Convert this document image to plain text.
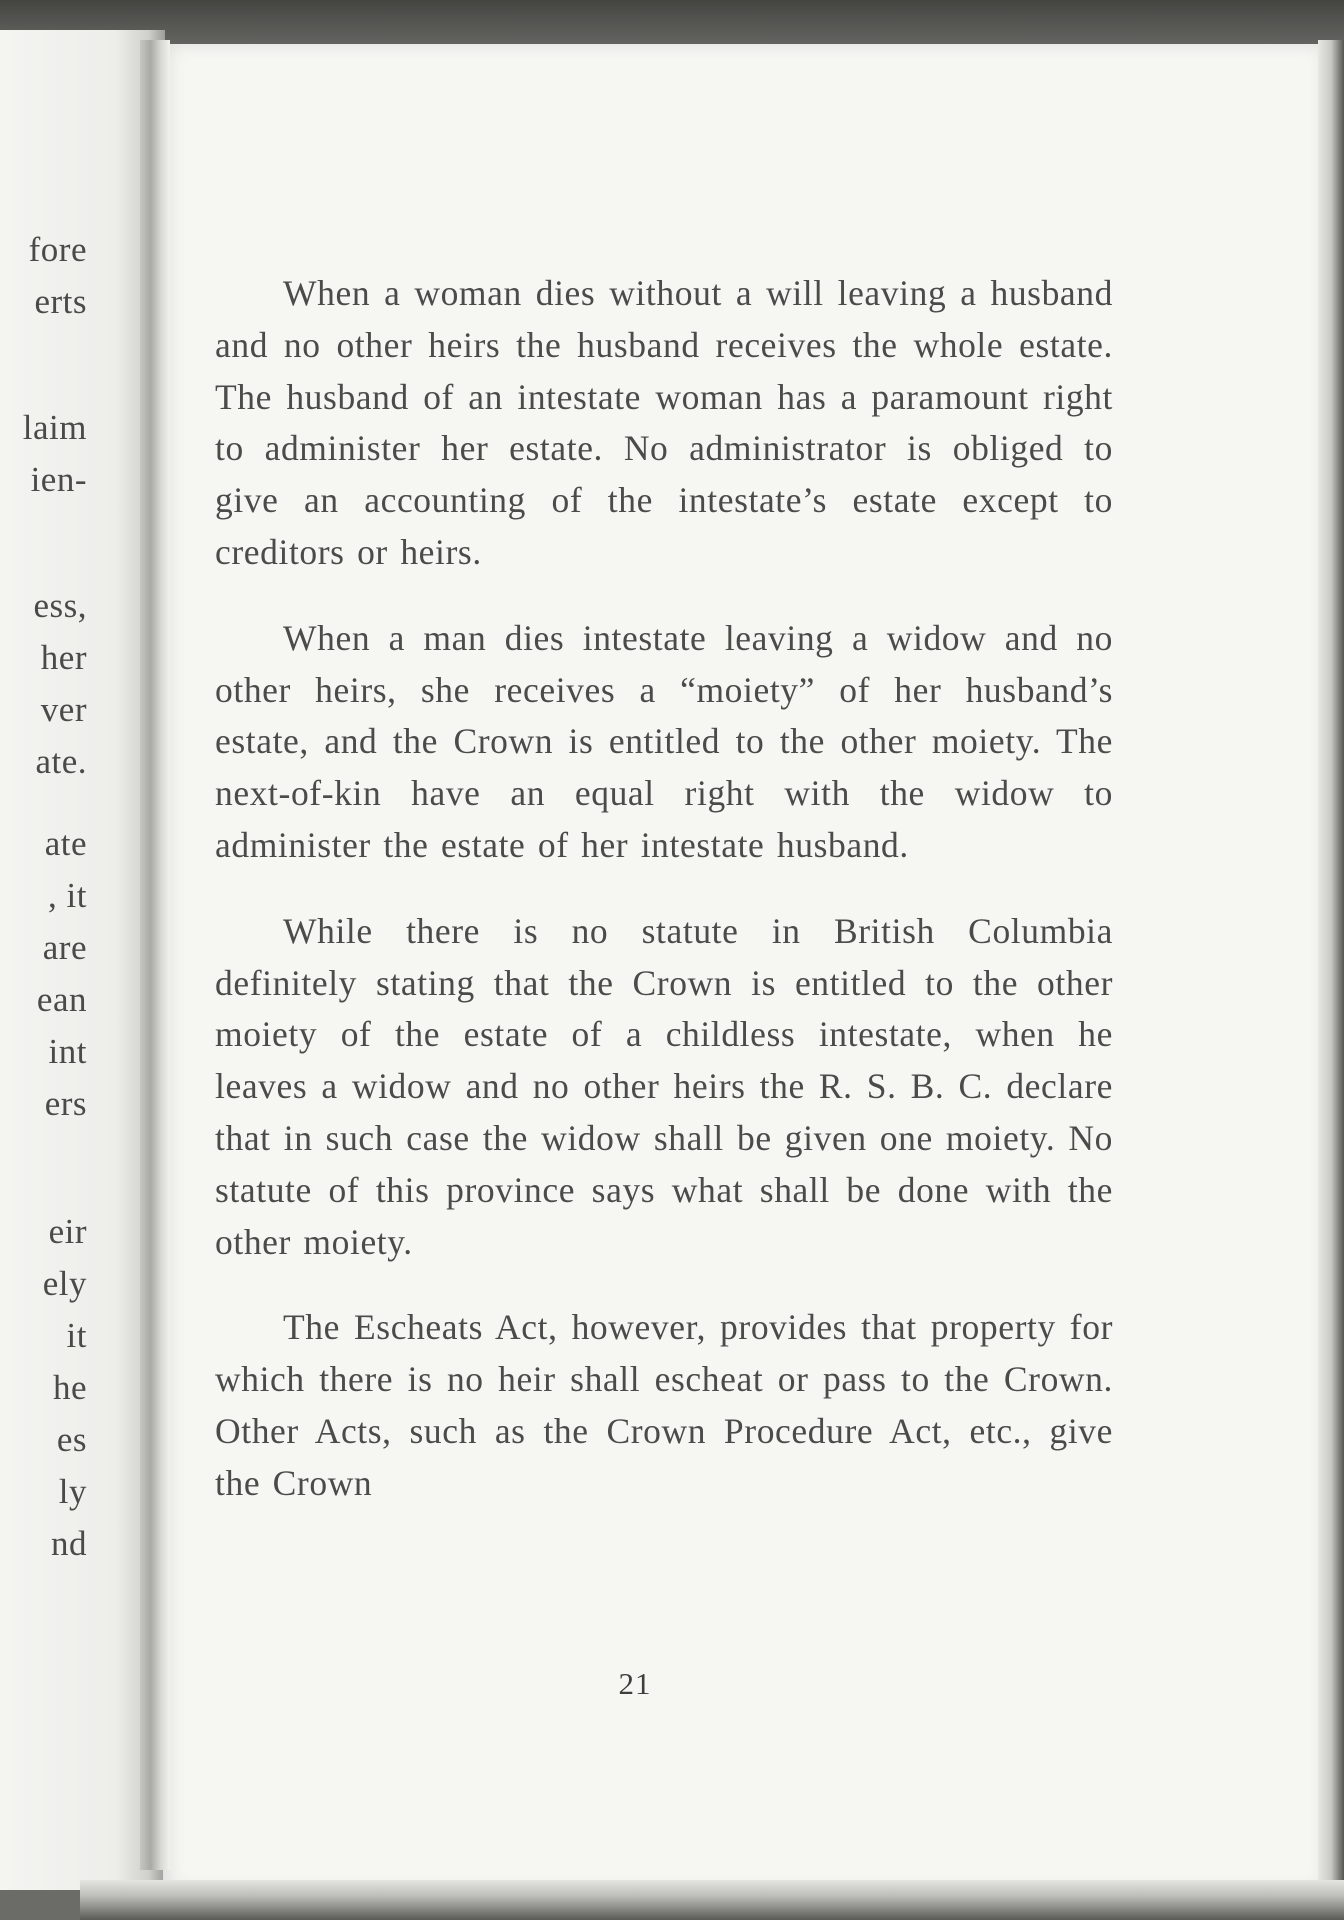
fore
erts
laim
ien-
ess,
her
ver
ate.
ate
, it
are
ean
int
ers
eir
ely
it
he
es
ly
nd

When a woman dies without a will leaving a husband and no other heirs the husband receives the whole estate. The husband of an intestate woman has a paramount right to administer her estate. No administrator is obliged to give an accounting of the intestate’s estate except to creditors or heirs.

When a man dies intestate leaving a widow and no other heirs, she receives a “moiety” of her husband’s estate, and the Crown is entitled to the other moiety. The next-of-kin have an equal right with the widow to administer the estate of her intestate husband.

While there is no statute in British Columbia definitely stating that the Crown is entitled to the other moiety of the estate of a childless intestate, when he leaves a widow and no other heirs the R. S. B. C. declare that in such case the widow shall be given one moiety. No statute of this province says what shall be done with the other moiety.

The Escheats Act, however, provides that property for which there is no heir shall escheat or pass to the Crown. Other Acts, such as the Crown Procedure Act, etc., give the Crown

21
